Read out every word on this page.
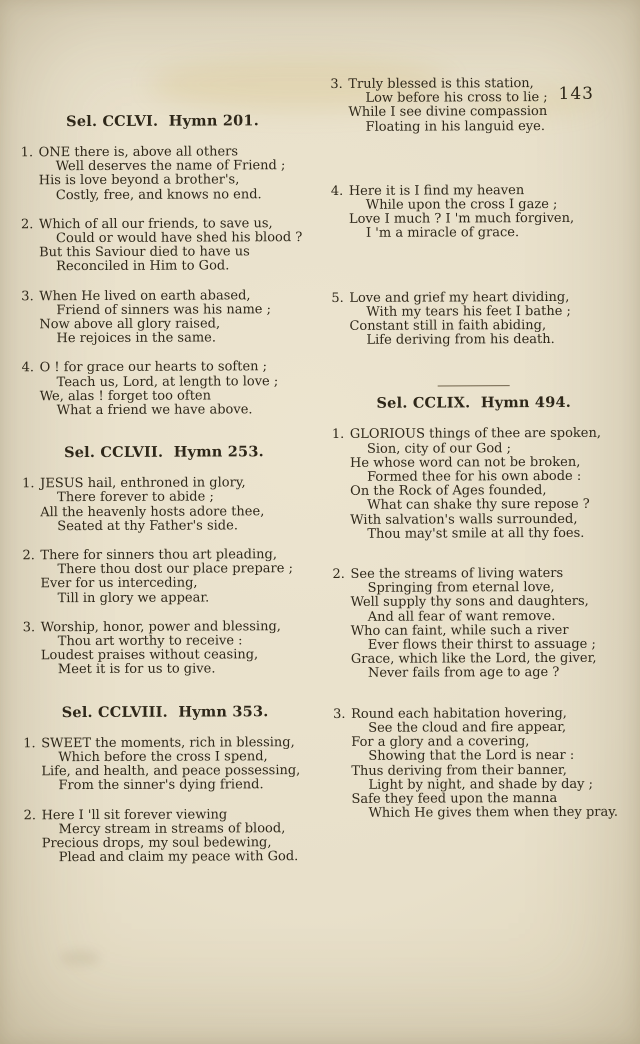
143
Sel. CCLVI.  Hymn 201.
1. ONE there is, above all others
Well deserves the name of Friend ;
His is love beyond a brother's,
Costly, free, and knows no end.
2. Which of all our friends, to save us,
Could or would have shed his blood ?
But this Saviour died to have us
Reconciled in Him to God.
3. When He lived on earth abased,
Friend of sinners was his name ;
Now above all glory raised,
He rejoices in the same.
4. O ! for grace our hearts to soften ;
Teach us, Lord, at length to love ;
We, alas ! forget too often
What a friend we have above.
Sel. CCLVII.  Hymn 253.
1. JESUS hail, enthroned in glory,
There forever to abide ;
All the heavenly hosts adore thee,
Seated at thy Father's side.
2. There for sinners thou art pleading,
There thou dost our place prepare ;
Ever for us interceding,
Till in glory we appear.
3. Worship, honor, power and blessing,
Thou art worthy to receive :
Loudest praises without ceasing,
Meet it is for us to give.
Sel. CCLVIII.  Hymn 353.
1. SWEET the moments, rich in blessing,
Which before the cross I spend,
Life, and health, and peace possessing,
From the sinner's dying friend.
2. Here I 'll sit forever viewing
Mercy stream in streams of blood,
Precious drops, my soul bedewing,
Plead and claim my peace with God.
3. Truly blessed is this station,
Low before his cross to lie ;
While I see divine compassion
Floating in his languid eye.
4. Here it is I find my heaven
While upon the cross I gaze ;
Love I much ? I 'm much forgiven,
I 'm a miracle of grace.
5. Love and grief my heart dividing,
With my tears his feet I bathe ;
Constant still in faith abiding,
Life deriving from his death.
Sel. CCLIX.  Hymn 494.
1. GLORIOUS things of thee are spoken,
Sion, city of our God ;
He whose word can not be broken,
Formed thee for his own abode :
On the Rock of Ages founded,
What can shake thy sure repose ?
With salvation's walls surrounded,
Thou may'st smile at all thy foes.
2. See the streams of living waters
Springing from eternal love,
Well supply thy sons and daughters,
And all fear of want remove.
Who can faint, while such a river
Ever flows their thirst to assuage ;
Grace, which like the Lord, the giver,
Never fails from age to age ?
3. Round each habitation hovering,
See the cloud and fire appear,
For a glory and a covering,
Showing that the Lord is near :
Thus deriving from their banner,
Light by night, and shade by day ;
Safe they feed upon the manna
Which He gives them when they pray.
